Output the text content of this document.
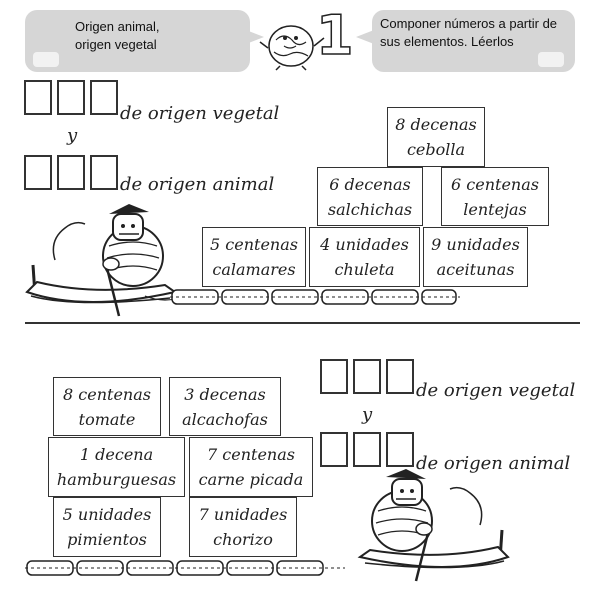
Origen animal,
origen vegetal
Componer números a partir de
sus elementos. Léerlos
1
de origen vegetal
y
de origen animal
8 decenas
cebolla
6 decenas
salchichas
6 centenas
lentejas
5 centenas
calamares
4 unidades
chuleta
9 unidades
aceitunas
8 centenas
tomate
3 decenas
alcachofas
1 decena
hamburguesas
7 centenas
carne picada
5 unidades
pimientos
7 unidades
chorizo
de origen vegetal
y
de origen animal
